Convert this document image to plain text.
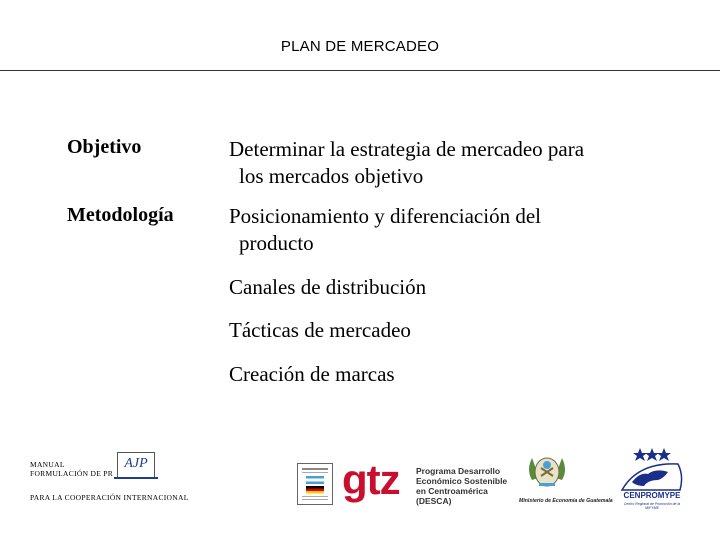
PLAN DE MERCADEO
Objetivo	Determinar la estrategia de mercadeo para
los mercados objetivo
Metodología	Posicionamiento y diferenciación del
producto
Canales de distribución
Tácticas de mercadeo
Creación de marcas
MANUAL
FORMULACIÓN DE PR
AJP
PARA LA COOPERACIÓN INTERNACIONAL	gtz Programa Desarrollo
Económico Sostenible
en Centroamérica
(DESCA)	Ministerio de Economía de Guatemala
CENPROMYPE
Centro Regional de Promoción de la MIPYME
